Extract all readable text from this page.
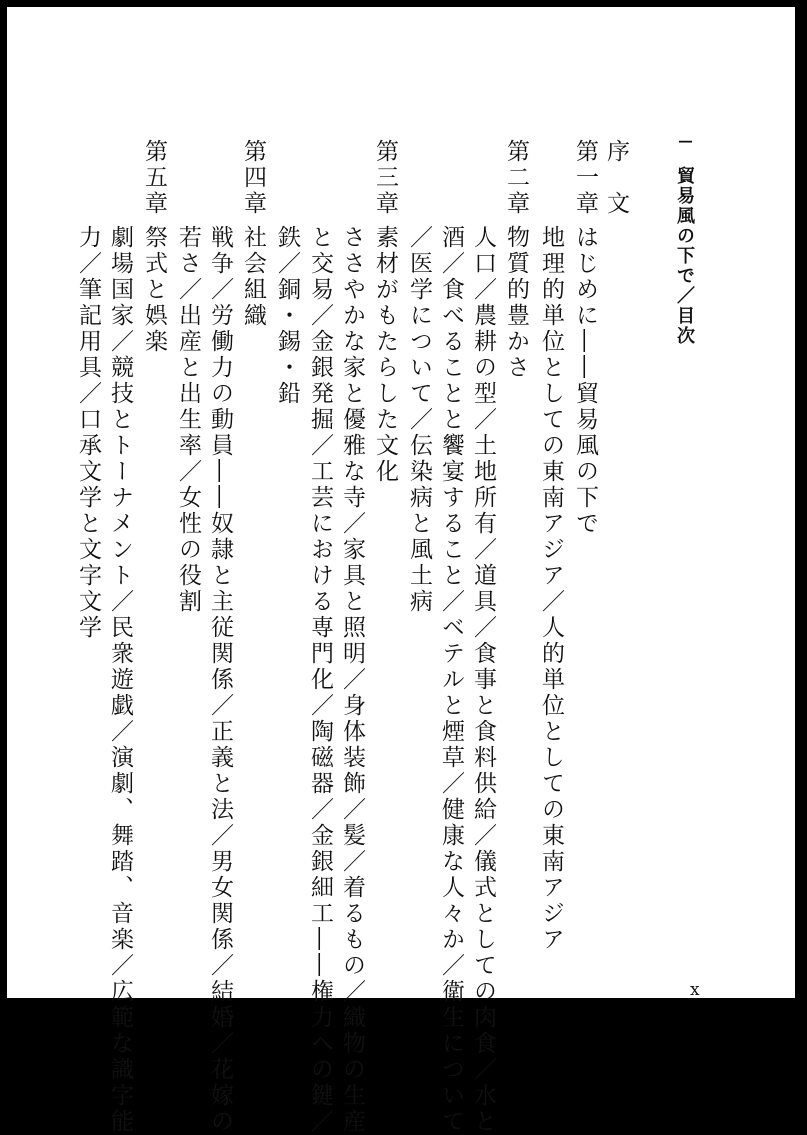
I貿易風の下で／目次
序　文
第一章
はじめに――貿易風の下で
地理的単位としての東南アジア／人的単位としての東南アジア
第二章
物質的豊かさ
人口／農耕の型／土地所有／道具／食事と食料供給／儀式としての肉食／水と
酒／食べることと饗宴すること／ベテルと煙草／健康な人々か／衛生について
／医学について／伝染病と風土病
第三章
素材がもたらした文化
ささやかな家と優雅な寺／家具と照明／身体装飾／髪／着るもの／織物の生産
と交易／金銀発掘／工芸における専門化／陶磁器／金銀細工――権力への鍵／
鉄／銅・錫・鉛
第四章
社会組織
戦争／労働力の動員――奴隷と主従関係／正義と法／男女関係／結婚／花嫁の
若さ／出産と出生率／女性の役割
第五章
祭式と娯楽
劇場国家／競技とトーナメント／民衆遊戯／演劇、舞踏、音楽／広範な識字能
力／筆記用具／口承文学と文字文学
x
